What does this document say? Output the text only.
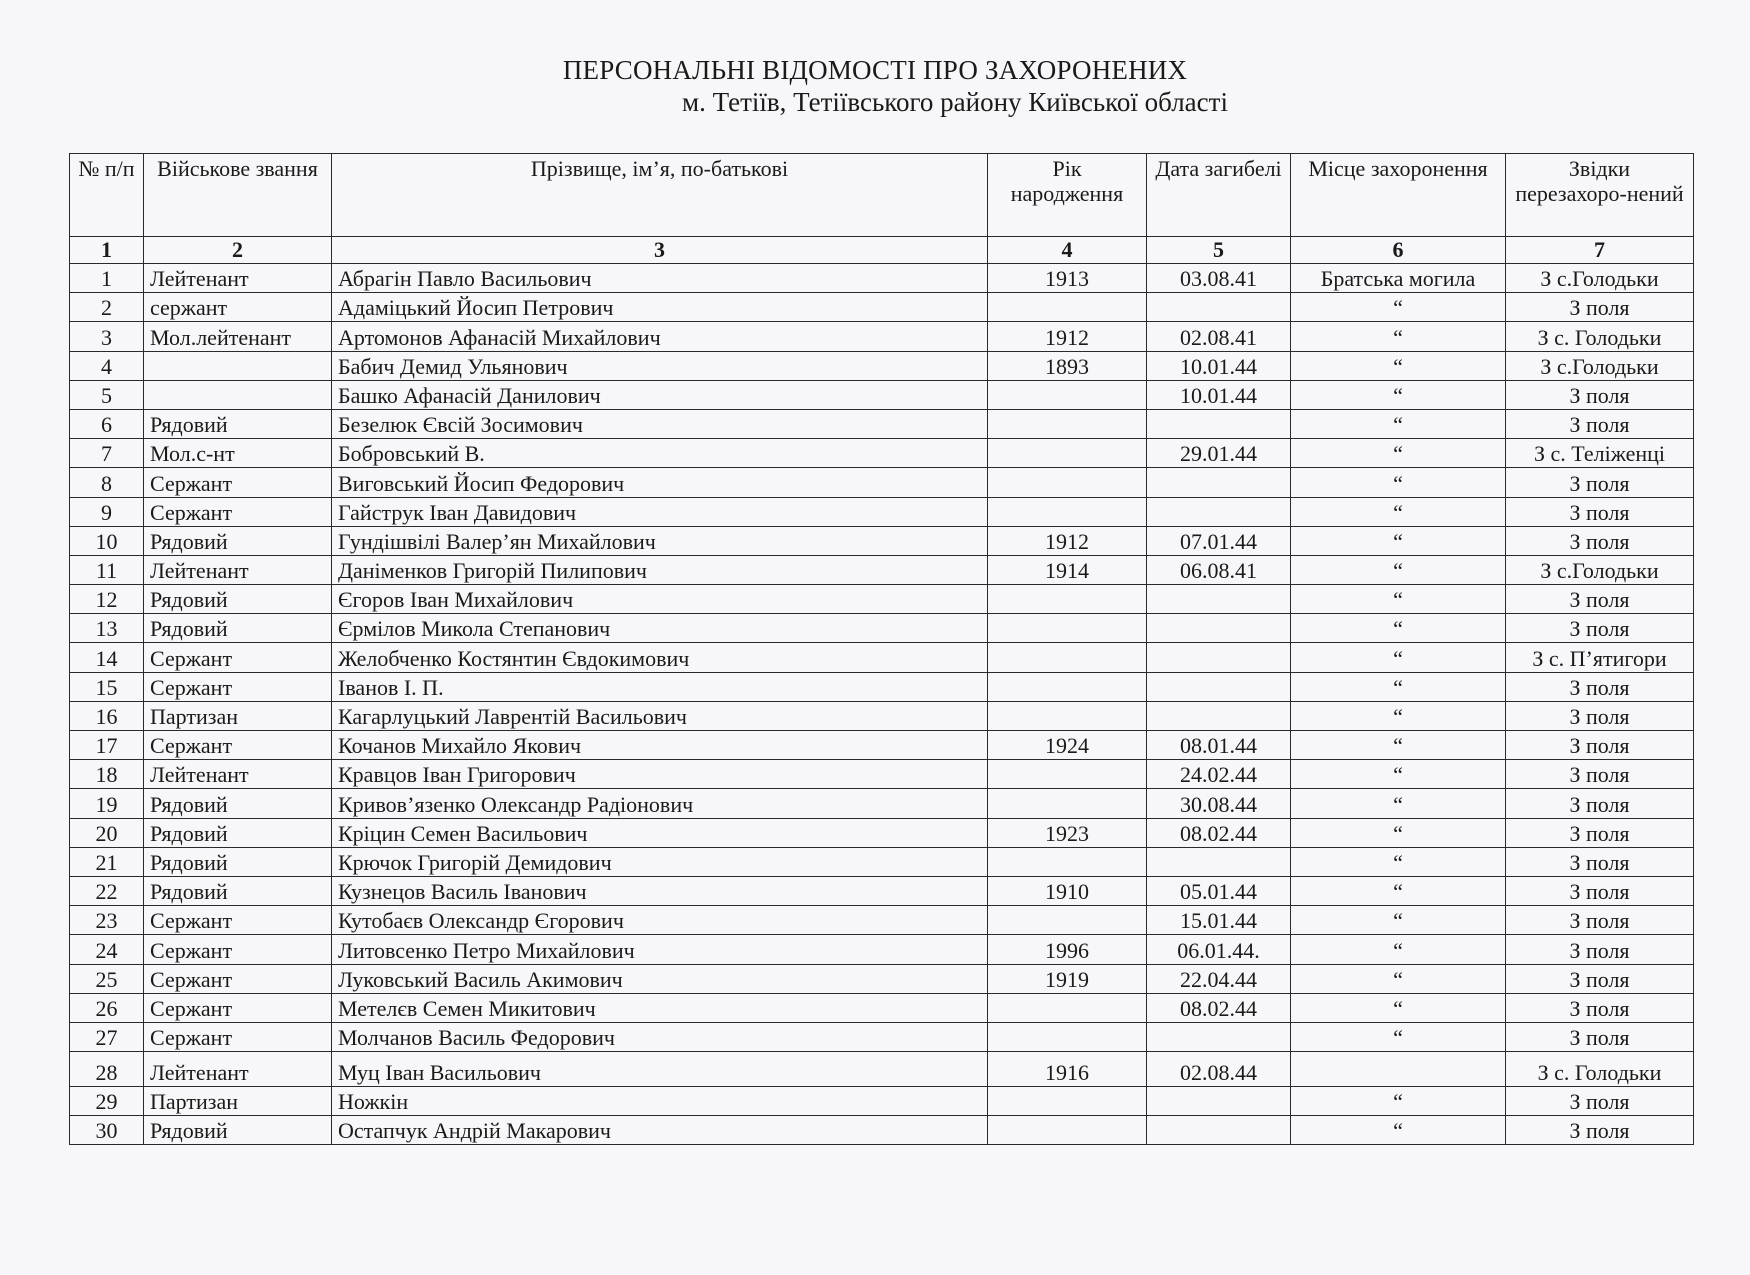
ПЕРСОНАЛЬНІ ВІДОМОСТІ ПРО ЗАХОРОНЕНИХ
м. Тетіїв, Тетіївського району Київської області
№ п/п	Військове звання	Прізвище, ім’я, по-батькові	Рік народження	Дата загибелі	Місце захоронення	Звідки перезахоро-нений
1	2	3	4	5	6	7
1	Лейтенант	Абрагін Павло Васильович	1913	03.08.41	Братська могила	З с.Голодьки
2	сержант	Адаміцький Йосип Петрович			“	З поля
3	Мол.лейтенант	Артомонов Афанасій Михайлович	1912	02.08.41	“	З с. Голодьки
4		Бабич Демид Ульянович	1893	10.01.44	“	З с.Голодьки
5		Башко Афанасій Данилович		10.01.44	“	З поля
6	Рядовий	Безелюк Євсій Зосимович			“	З поля
7	Мол.с-нт	Бобровський В.		29.01.44	“	З с. Теліженці
8	Сержант	Виговський Йосип Федорович			“	З поля
9	Сержант	Гайструк Іван Давидович			“	З поля
10	Рядовий	Гундішвілі Валер’ян Михайлович	1912	07.01.44	“	З поля
11	Лейтенант	Даніменков Григорій Пилипович	1914	06.08.41	“	З с.Голодьки
12	Рядовий	Єгоров Іван Михайлович			“	З поля
13	Рядовий	Єрмілов Микола Степанович			“	З поля
14	Сержант	Желобченко Костянтин Євдокимович			“	З с. П’ятигори
15	Сержант	Іванов І. П.			“	З поля
16	Партизан	Кагарлуцький Лаврентій Васильович			“	З поля
17	Сержант	Кочанов Михайло Якович	1924	08.01.44	“	З поля
18	Лейтенант	Кравцов Іван Григорович		24.02.44	“	З поля
19	Рядовий	Кривов’язенко Олександр Радіонович		30.08.44	“	З поля
20	Рядовий	Кріцин Семен Васильович	1923	08.02.44	“	З поля
21	Рядовий	Крючок Григорій Демидович			“	З поля
22	Рядовий	Кузнецов Василь Іванович	1910	05.01.44	“	З поля
23	Сержант	Кутобаєв Олександр Єгорович		15.01.44	“	З поля
24	Сержант	Литовсенко Петро Михайлович	1996	06.01.44.	“	З поля
25	Сержант	Луковський Василь Акимович	1919	22.04.44	“	З поля
26	Сержант	Метелєв Семен Микитович		08.02.44	“	З поля
27	Сержант	Молчанов Василь Федорович			“	З поля
28	Лейтенант	Муц Іван Васильович	1916	02.08.44		З с. Голодьки
29	Партизан	Ножкін			“	З поля
30	Рядовий	Остапчук Андрій Макарович			“	З поля
